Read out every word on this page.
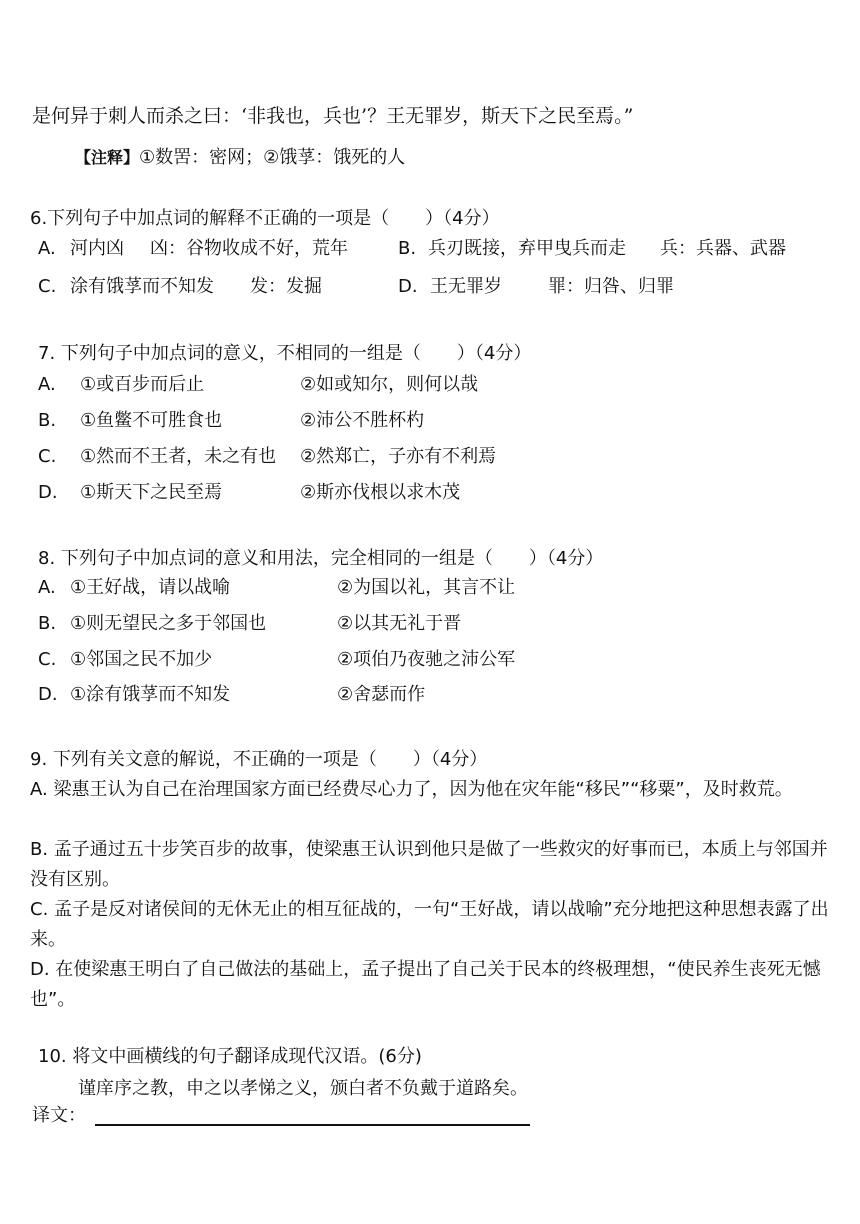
是何异于刺人而杀之曰：‘非我也，兵也’？王无罪岁，斯天下之民至焉。”
【注释】①数罟：密网；②饿莩：饿死的人
6.下列句子中加点词的解释不正确的一项是（　　）（4分）
A. 河内凶 凶：谷物收成不好，荒年	B. 兵刃既接，弃甲曳兵而走 兵：兵器、武器
C. 涂有饿莩而不知发 发：发掘	D. 王无罪岁	罪：归咎、归罪
7. 下列句子中加点词的意义，不相同的一组是（　　）（4分）
A. ①或百步而后止	②如或知尔，则何以哉
B. ①鱼鳖不可胜食也	②沛公不胜杯杓
C. ①然而不王者，未之有也 ②然郑亡，子亦有不利焉
D. ①斯天下之民至焉	②斯亦伐根以求木茂
8. 下列句子中加点词的意义和用法，完全相同的一组是（　　）（4分）
A. ①王好战，请以战喻	②为国以礼，其言不让
B. ①则无望民之多于邻国也	②以其无礼于晋
C. ①邻国之民不加少	②项伯乃夜驰之沛公军
D. ①涂有饿莩而不知发	②舍瑟而作
9. 下列有关文意的解说，不正确的一项是（　　）（4分）
A. 梁惠王认为自己在治理国家方面已经费尽心力了，因为他在灾年能“移民”“移粟”，及时救荒。
B. 孟子通过五十步笑百步的故事，使梁惠王认识到他只是做了一些救灾的好事而已，本质上与邻国并没有区别。
C. 孟子是反对诸侯间的无休无止的相互征战的，一句“王好战，请以战喻”充分地把这种思想表露了出来。
D. 在使梁惠王明白了自己做法的基础上，孟子提出了自己关于民本的终极理想，“使民养生丧死无憾也”。
10. 将文中画横线的句子翻译成现代汉语。(6分)
谨庠序之教，申之以孝悌之义，颁白者不负戴于道路矣。
译文：
